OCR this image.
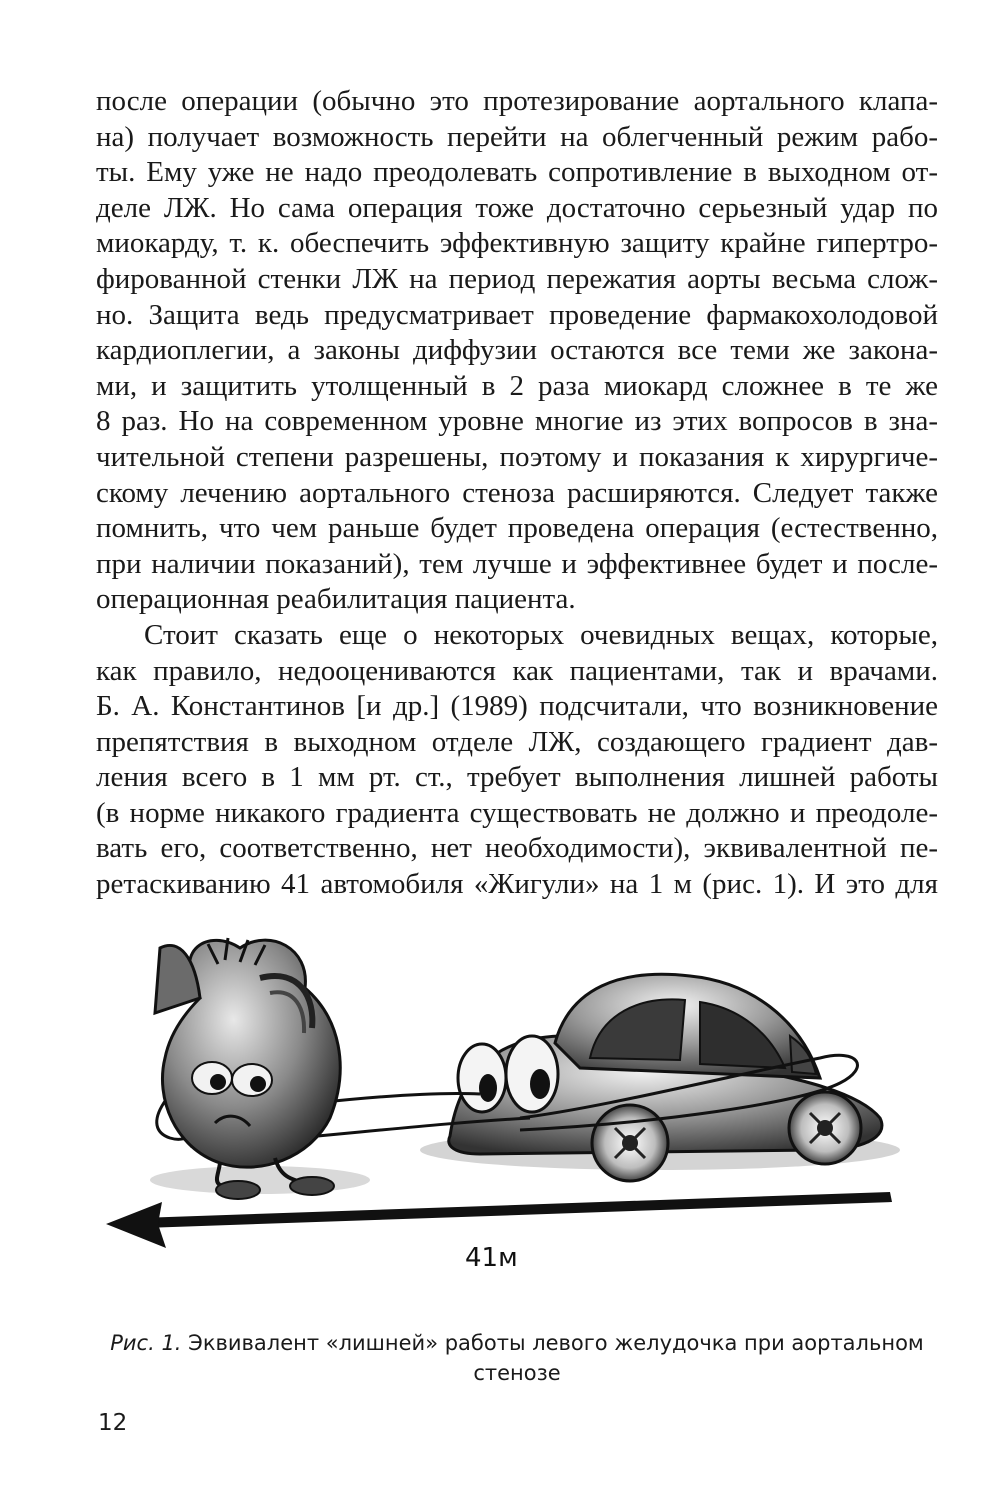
после операции (обычно это протезирование аортального клапа-
на) получает возможность перейти на облегченный режим рабо-
ты. Ему уже не надо преодолевать сопротивление в выходном от-
деле ЛЖ. Но сама операция тоже достаточно серьезный удар по
миокарду, т. к. обеспечить эффективную защиту крайне гипертро-
фированной стенки ЛЖ на период пережатия аорты весьма слож-
но. Защита ведь предусматривает проведение фармакохолодовой
кардиоплегии, а законы диффузии остаются все теми же закона-
ми, и защитить утолщенный в 2 раза миокард сложнее в те же
8 раз. Но на современном уровне многие из этих вопросов в зна-
чительной степени разрешены, поэтому и показания к хирургиче-
скому лечению аортального стеноза расширяются. Следует также
помнить, что чем раньше будет проведена операция (естественно,
при наличии показаний), тем лучше и эффективнее будет и после-
операционная реабилитация пациента.
Стоит сказать еще о некоторых очевидных вещах, которые,
как правило, недооцениваются как пациентами, так и врачами.
Б. А. Константинов [и др.] (1989) подсчитали, что возникновение
препятствия в выходном отделе ЛЖ, создающего градиент дав-
ления всего в 1 мм рт. ст., требует выполнения лишней работы
(в норме никакого градиента существовать не должно и преодоле-
вать его, соответственно, нет необходимости), эквивалентной пе-
ретаскиванию 41 автомобиля «Жигули» на 1 м (рис. 1). И это для
41м
Рис. 1. Эквивалент «лишней» работы левого желудочка при аортальном стенозе
12
